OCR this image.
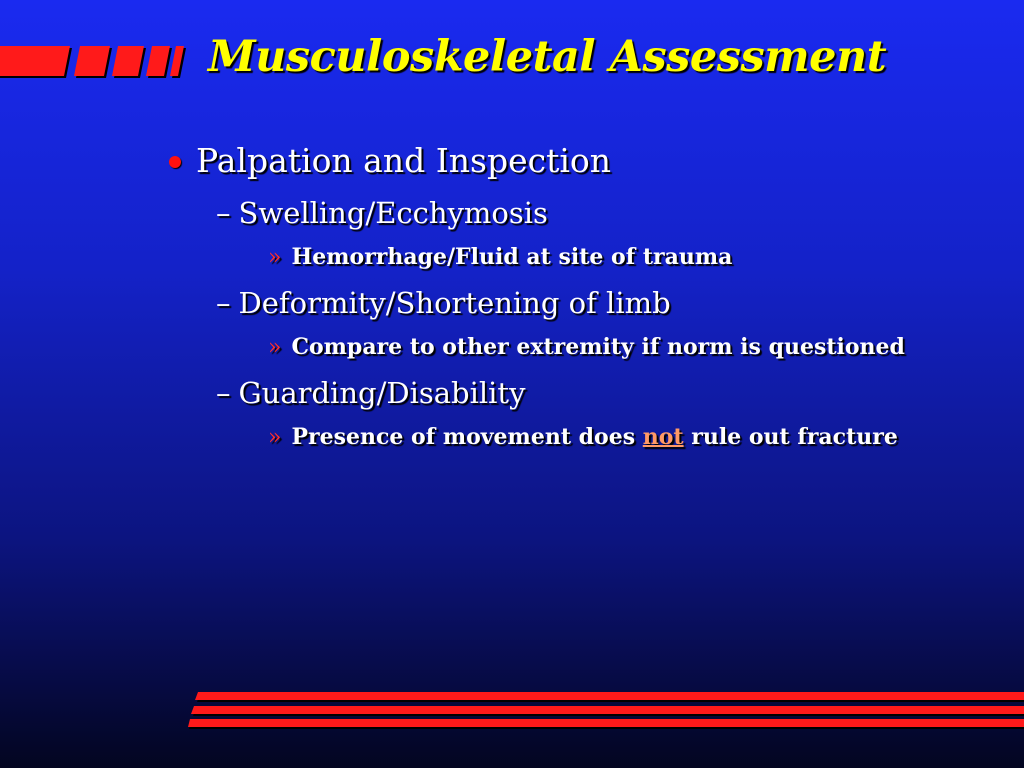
Musculoskeletal Assessment
Palpation and Inspection
– Swelling/Ecchymosis
» Hemorrhage/Fluid at site of trauma
– Deformity/Shortening of limb
» Compare to other extremity if norm is questioned
– Guarding/Disability
» Presence of movement does not rule out fracture
